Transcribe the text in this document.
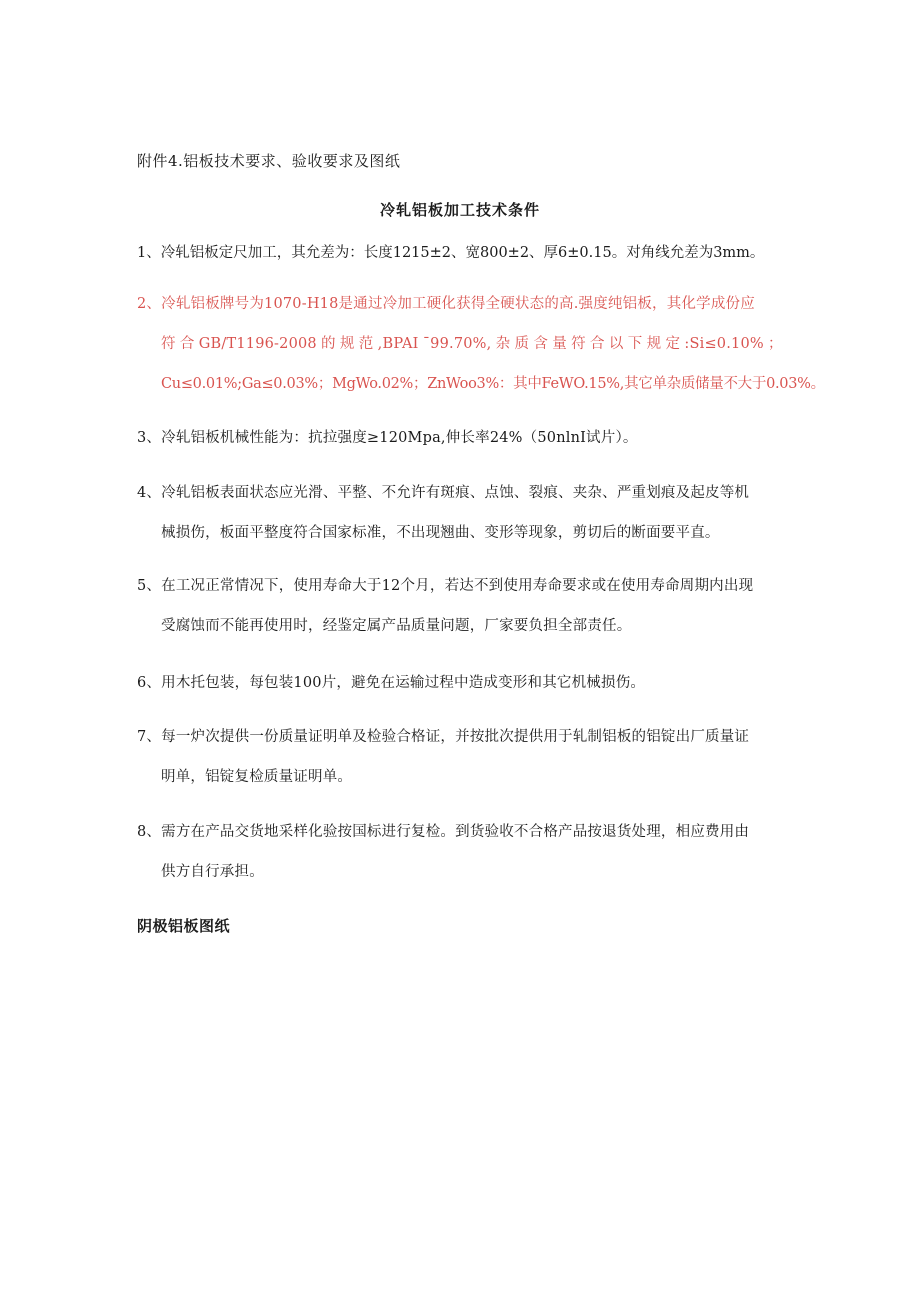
附件4.铝板技术要求、验收要求及图纸
冷轧铝板加工技术条件
1、冷轧铝板定尺加工，其允差为：长度1215±2、宽800±2、厚6±0.15。对角线允差为3mm。
2、冷轧铝板牌号为1070-H18是通过冷加工硬化获得全硬状态的高.强度纯铝板，其化学成份应
符 合 GB/T1196-2008 的 规 范 ,BPAI ˉ99.70%, 杂 质 含 量 符 合 以 下 规 定 :Si≤0.10% ；
Cu≤0.01%;Ga≤0.03%；MgWo.02%；ZnWoo3%：其中FeWO.15%,其它单杂质储量不大于0.03%。
3、冷轧铝板机械性能为：抗拉强度≥120Mpa,伸长率24%（50nlnI试片）。
4、冷轧铝板表面状态应光滑、平整、不允许有斑痕、点蚀、裂痕、夹杂、严重划痕及起皮等机
械损伤，板面平整度符合国家标准，不出现翘曲、变形等现象，剪切后的断面要平直。
5、在工况正常情况下，使用寿命大于12个月，若达不到使用寿命要求或在使用寿命周期内出现
受腐蚀而不能再使用时，经鉴定属产品质量问题，厂家要负担全部责任。
6、用木托包装，每包装100片，避免在运输过程中造成变形和其它机械损伤。
7、每一炉次提供一份质量证明单及检验合格证，并按批次提供用于轧制铝板的铝锭出厂质量证
明单，铝锭复检质量证明单。
8、需方在产品交货地采样化验按国标进行复检。到货验收不合格产品按退货处理，相应费用由
供方自行承担。
阴极铝板图纸
